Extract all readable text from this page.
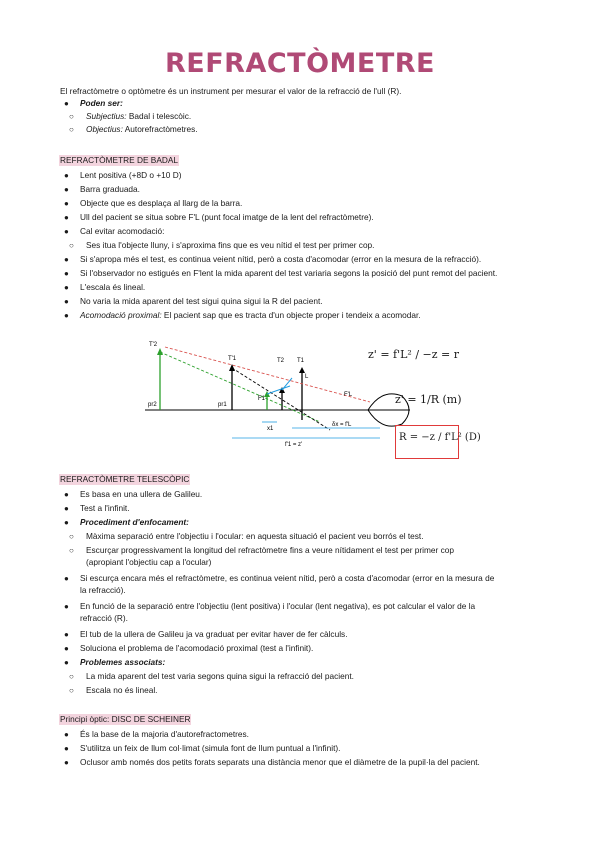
REFRACTÒMETRE
El refractòmetre o optòmetre és un instrument per mesurar el valor de la refracció de l'ull (R).
● Poden ser:
○ Subjectius: Badal i telescòic.
○ Objectius: Autorefractòmetres.
REFRACTÒMETRE DE BADAL
● Lent positiva (+8D o +10 D)
● Barra graduada.
● Objecte que es desplaça al llarg de la barra.
● Ull del pacient se situa sobre F'L (punt focal imatge de la lent del refractòmetre).
● Cal evitar acomodació:
○ Ses itua l'objecte lluny, i s'aproxima fins que es veu nítid el test per primer cop.
● Si s'apropa més el test, es continua veient nítid, però a costa d'acomodar (error en la mesura de la refracció).
● Si l'observador no estigués en F'lent la mida aparent del test variaria segons la posició del punt remot del pacient.
● L'escala és lineal.
● No varia la mida aparent del test sigui quina sigui la R del pacient.
● Acomodació proximal: El pacient sap que es tracta d'un objecte proper i tendeix a acomodar.
T'2
T'1	T2 T1
L
F'L
pr2	pr1
F1
x1
δx = f'L
f'1 = z'
z' = f'L² / −z = r
z' = 1/R (m)
R = −z / f'L² (D)
REFRACTÒMETRE TELESCÒPIC
● Es basa en una ullera de Galileu.
● Test a l'infinit.
● Procediment d'enfocament:
○ Màxima separació entre l'objectiu i l'ocular: en aquesta situació el pacient veu borrós el test.
○ Escurçar progressivament la longitud del refractòmetre fins a veure nítidament el test per primer cop
(apropiant l'objectiu cap a l'ocular)
● Si escurça encara més el refractòmetre, es continua veient nítid, però a costa d'acomodar (error en la mesura de
la refracció).
● En funció de la separació entre l'objectiu (lent positiva) i l'ocular (lent negativa), es pot calcular el valor de la
refracció (R).
● El tub de la ullera de Galileu ja va graduat per evitar haver de fer càlculs.
● Soluciona el problema de l'acomodació proximal (test a l'infinit).
● Problemes associats:
○ La mida aparent del test varia segons quina sigui la refracció del pacient.
○ Escala no és lineal.
Principi òptic: DISC DE SCHEINER
● És la base de la majoria d'autorefractometres.
● S'utilitza un feix de llum col·limat (simula font de llum puntual a l'infinit).
● Oclusor amb només dos petits forats separats una distància menor que el diàmetre de la pupil·la del pacient.
